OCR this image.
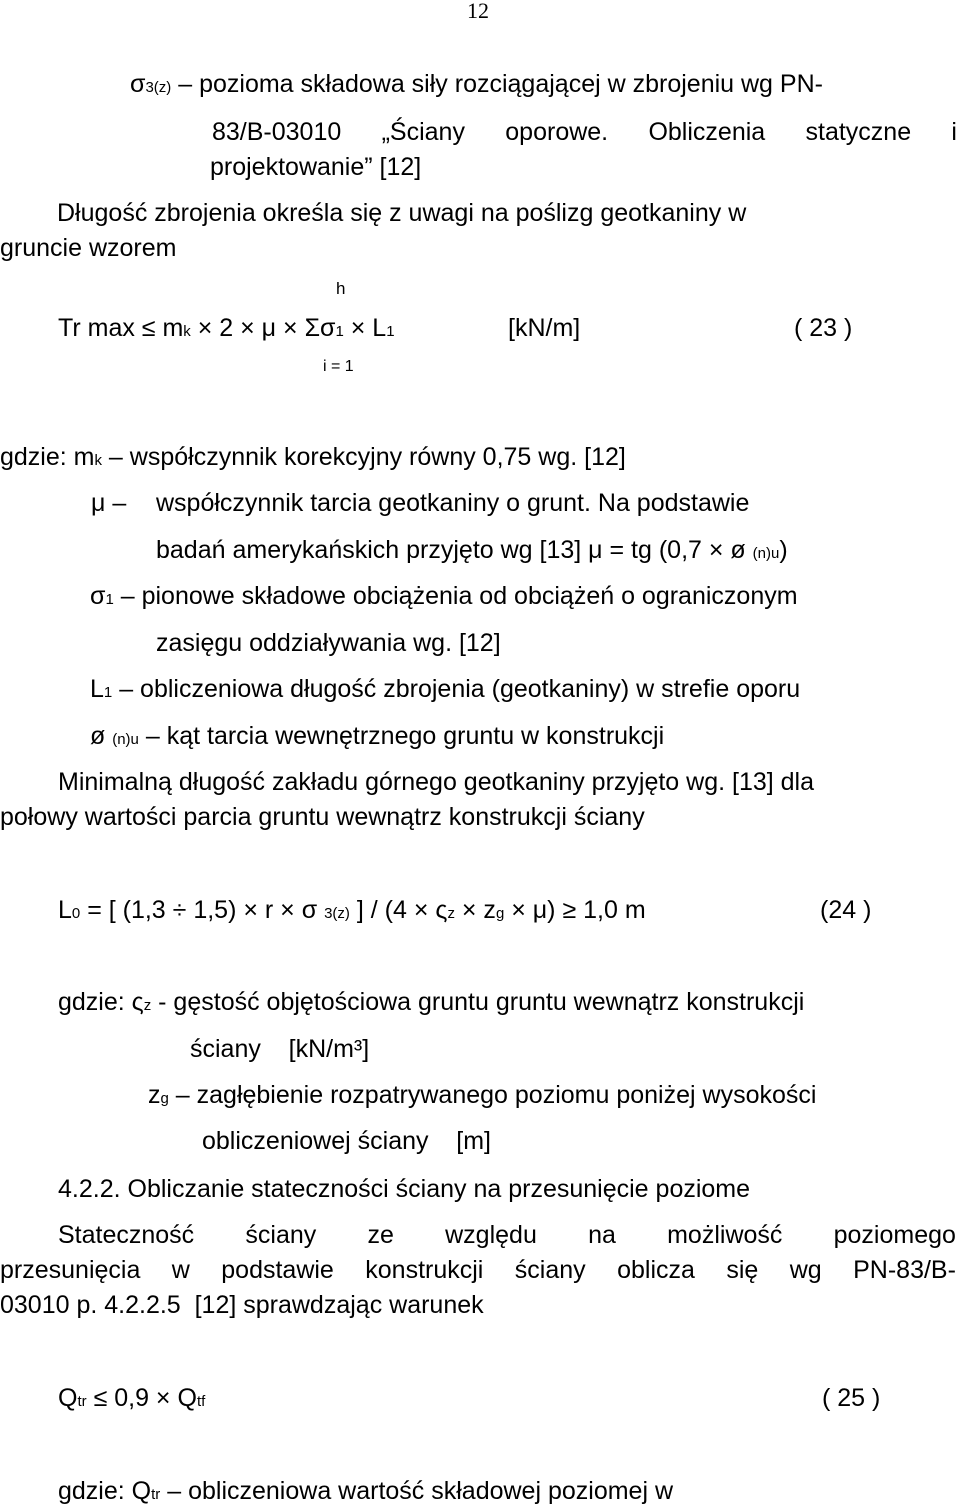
12
σ3(z) – pozioma składowa siły rozciągającej w zbrojeniu wg PN-
83/B-03010 „Ściany oporowe. Obliczenia statyczne i
projektowanie” [12]
Długość zbrojenia określa się z uwagi na poślizg geotkaniny w
gruncie wzorem
h
Tr max ≤ mk × 2 × μ × Σσ1 × L1	[kN/m]	( 23 )
i = 1
gdzie: mk – współczynnik korekcyjny równy 0,75 wg. [12]
μ – współczynnik tarcia geotkaniny o grunt. Na podstawie
badań amerykańskich przyjęto wg [13] μ = tg (0,7 × ø (n)u)
σ1 – pionowe składowe obciążenia od obciążeń o ograniczonym
zasięgu oddziaływania wg. [12]
L1 – obliczeniowa długość zbrojenia (geotkaniny) w strefie oporu
ø (n)u – kąt tarcia wewnętrznego gruntu w konstrukcji
Minimalną długość zakładu górnego geotkaniny przyjęto wg. [13] dla
połowy wartości parcia gruntu wewnątrz konstrukcji ściany
L0 = [ (1,3 ÷ 1,5) × r × σ 3(z) ] / (4 × ςz × zg × μ) ≥ 1,0 m	(24 )
gdzie: ςz - gęstość objętościowa gruntu gruntu wewnątrz konstrukcji
ściany    [kN/m³]
zg – zagłębienie rozpatrywanego poziomu poniżej wysokości
obliczeniowej ściany    [m]
4.2.2. Obliczanie stateczności ściany na przesunięcie poziome
Stateczność ściany ze względu na możliwość poziomego
przesunięcia w podstawie konstrukcji ściany oblicza się wg PN-83/B-
03010 p. 4.2.2.5  [12] sprawdzając warunek
Qtr ≤ 0,9 × Qtf	( 25 )
gdzie: Qtr – obliczeniowa wartość składowej poziomej w
